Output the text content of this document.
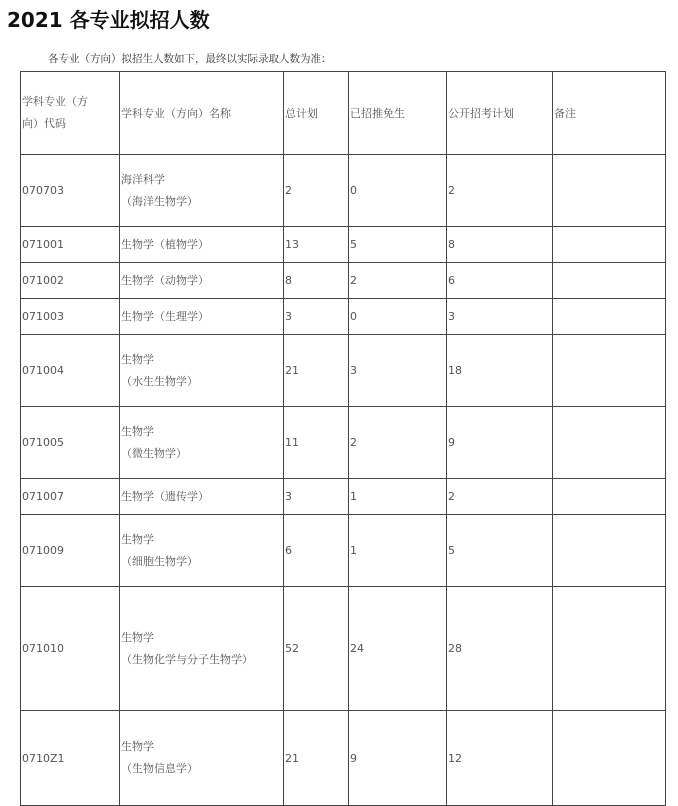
2021 各专业拟招人数
各专业（方向）拟招生人数如下，最终以实际录取人数为准：
学科专业（方
向）代码	学科专业（方向）名称	总计划	已招推免生	公开招考计划	备注
070703	海洋科学
（海洋生物学）	2	0	2	
071001	生物学（植物学）	13	5	8	
071002	生物学（动物学）	8	2	6	
071003	生物学（生理学）	3	0	3	
071004	生物学
（水生生物学）	21	3	18	
071005	生物学
（微生物学）	11	2	9	
071007	生物学（遗传学）	3	1	2	
071009	生物学
（细胞生物学）	6	1	5	
071010	生物学
（生物化学与分子生物学）	52	24	28	
0710Z1	生物学
（生物信息学）	21	9	12	
